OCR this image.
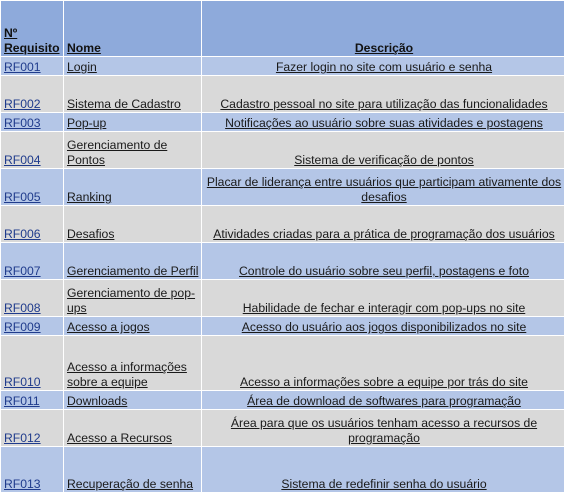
Nº Requisito	Nome	Descrição
RF001	Login	Fazer login no site com usuário e senha
RF002	Sistema de Cadastro	Cadastro pessoal no site para utilização das funcionalidades
RF003	Pop-up	Notificações ao usuário sobre suas atividades e postagens
RF004	Gerenciamento de Pontos	Sistema de verificação de pontos
RF005	Ranking	Placar de liderança entre usuários que participam ativamente dos desafios
RF006	Desafios	Atividades criadas para a prática de programação dos usuários
RF007	Gerenciamento de Perfil	Controle do usuário sobre seu perfil, postagens e foto
RF008	Gerenciamento de pop-ups	Habilidade de fechar e interagir com pop-ups no site
RF009	Acesso a jogos	Acesso do usuário aos jogos disponibilizados no site
RF010	Acesso a informações sobre a equipe	Acesso a informações sobre a equipe por trás do site
RF011	Downloads	Área de download de softwares para programação
RF012	Acesso a Recursos	Área para que os usuários tenham acesso a recursos de programação
RF013	Recuperação de senha	Sistema de redefinir senha do usuário
